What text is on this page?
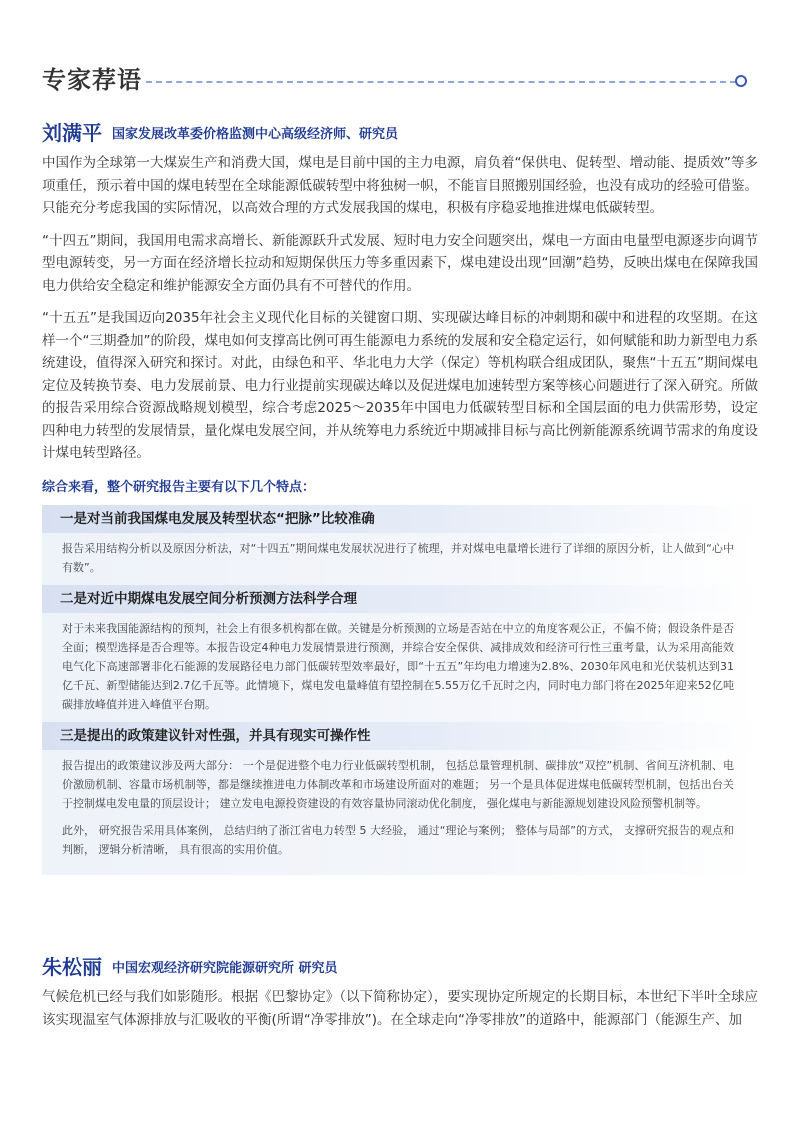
专家荐语
刘满平 国家发展改革委价格监测中心高级经济师、研究员

中国作为全球第一大煤炭生产和消费大国，煤电是目前中国的主力电源，肩负着“保供电、促转型、增动能、提质效”等多项重任，预示着中国的煤电转型在全球能源低碳转型中将独树一帜，不能盲目照搬别国经验，也没有成功的经验可借鉴。只能充分考虑我国的实际情况，以高效合理的方式发展我国的煤电，积极有序稳妥地推进煤电低碳转型。

“十四五”期间，我国用电需求高增长、新能源跃升式发展、短时电力安全问题突出，煤电一方面由电量型电源逐步向调节型电源转变，另一方面在经济增长拉动和短期保供压力等多重因素下，煤电建设出现“回潮”趋势，反映出煤电在保障我国电力供给安全稳定和维护能源安全方面仍具有不可替代的作用。

“十五五”是我国迈向2035年社会主义现代化目标的关键窗口期、实现碳达峰目标的冲刺期和碳中和进程的攻坚期。在这样一个“三期叠加”的阶段，煤电如何支撑高比例可再生能源电力系统的发展和安全稳定运行，如何赋能和助力新型电力系统建设，值得深入研究和探讨。对此，由绿色和平、华北电力大学（保定）等机构联合组成团队，聚焦“十五五”期间煤电定位及转换节奏、电力发展前景、电力行业提前实现碳达峰以及促进煤电加速转型方案等核心问题进行了深入研究。所做的报告采用综合资源战略规划模型，综合考虑2025～2035年中国电力低碳转型目标和全国层面的电力供需形势，设定四种电力转型的发展情景，量化煤电发展空间，并从统筹电力系统近中期减排目标与高比例新能源系统调节需求的角度设计煤电转型路径。

综合来看，整个研究报告主要有以下几个特点：
一是对当前我国煤电发展及转型状态“把脉”比较准确
报告采用结构分析以及原因分析法，对“十四五”期间煤电发展状况进行了梳理，并对煤电电量增长进行了详细的原因分析，让人做到“心中有数”。
二是对近中期煤电发展空间分析预测方法科学合理
对于未来我国能源结构的预判，社会上有很多机构都在做。关键是分析预测的立场是否站在中立的角度客观公正，不偏不倚；假设条件是否全面；模型选择是否合理等。本报告设定4种电力发展情景进行预测，并综合安全保供、减排成效和经济可行性三重考量，认为采用高能效电气化下高速部署非化石能源的发展路径电力部门低碳转型效率最好，即“十五五”年均电力增速为2.8%、2030年风电和光伏装机达到31亿千瓦、新型储能达到2.7亿千瓦等。此情境下，煤电发电量峰值有望控制在5.55万亿千瓦时之内，同时电力部门将在2025年迎来52亿吨碳排放峰值并进入峰值平台期。
三是提出的政策建议针对性强，并具有现实可操作性
报告提出的政策建议涉及两大部分： 一个是促进整个电力行业低碳转型机制， 包括总量管理机制、碳排放“双控”机制、省间互济机制、电价激励机制、容量市场机制等，都是继续推进电力体制改革和市场建设所面对的难题； 另一个是具体促进煤电低碳转型机制，包括出台关于控制煤电发电量的顶层设计； 建立发电电源投资建设的有效容量协同滚动优化制度， 强化煤电与新能源规划建设风险预警机制等。
此外， 研究报告采用具体案例， 总结归纳了浙江省电力转型 5 大经验， 通过“理论与案例； 整体与局部”的方式， 支撑研究报告的观点和判断， 逻辑分析清晰， 具有很高的实用价值。
朱松丽 中国宏观经济研究院能源研究所 研究员

气候危机已经与我们如影随形。根据《巴黎协定》（以下简称协定），要实现协定所规定的长期目标，本世纪下半叶全球应该实现温室气体源排放与汇吸收的平衡(所谓“净零排放”)。在全球走向“净零排放”的道路中，能源部门（能源生产、加
